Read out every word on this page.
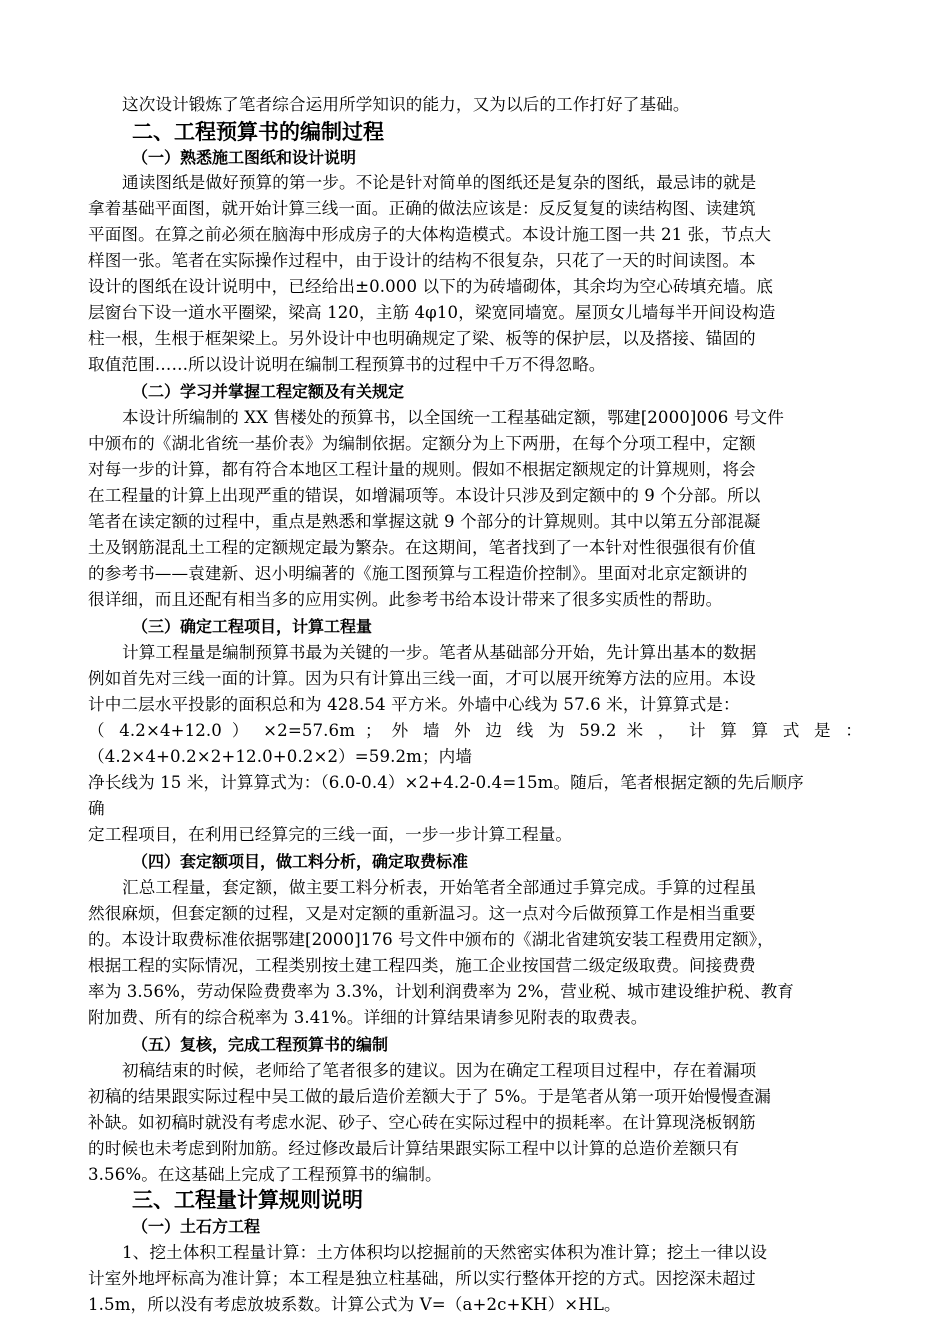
这次设计锻炼了笔者综合运用所学知识的能力，又为以后的工作打好了基础。
二、工程预算书的编制过程
（一）熟悉施工图纸和设计说明
通读图纸是做好预算的第一步。不论是针对简单的图纸还是复杂的图纸，最忌讳的就是
拿着基础平面图，就开始计算三线一面。正确的做法应该是：反反复复的读结构图、读建筑
平面图。在算之前必须在脑海中形成房子的大体构造模式。本设计施工图一共 21 张，节点大
样图一张。笔者在实际操作过程中，由于设计的结构不很复杂，只花了一天的时间读图。本
设计的图纸在设计说明中，已经给出±0.000 以下的为砖墙砌体，其余均为空心砖填充墙。底
层窗台下设一道水平圈梁，梁高 120，主筋 4φ10，梁宽同墙宽。屋顶女儿墙每半开间设构造
柱一根，生根于框架梁上。另外设计中也明确规定了梁、板等的保护层，以及搭接、锚固的
取值范围……所以设计说明在编制工程预算书的过程中千万不得忽略。
（二）学习并掌握工程定额及有关规定
本设计所编制的 XX 售楼处的预算书，以全国统一工程基础定额，鄂建[2000]006 号文件
中颁布的《湖北省统一基价表》为编制依据。定额分为上下两册，在每个分项工程中，定额
对每一步的计算，都有符合本地区工程计量的规则。假如不根据定额规定的计算规则，将会
在工程量的计算上出现严重的错误，如增漏项等。本设计只涉及到定额中的 9 个分部。所以
笔者在读定额的过程中，重点是熟悉和掌握这就 9 个部分的计算规则。其中以第五分部混凝
土及钢筋混乱土工程的定额规定最为繁杂。在这期间，笔者找到了一本针对性很强很有价值
的参考书——袁建新、迟小明编著的《施工图预算与工程造价控制》。里面对北京定额讲的
很详细，而且还配有相当多的应用实例。此参考书给本设计带来了很多实质性的帮助。
（三）确定工程项目，计算工程量
计算工程量是编制预算书最为关键的一步。笔者从基础部分开始，先计算出基本的数据
例如首先对三线一面的计算。因为只有计算出三线一面，才可以展开统筹方法的应用。本设
计中二层水平投影的面积总和为 428.54 平方米。外墙中心线为 57.6 米，计算算式是：
（ 4.2×4+12.0 ） ×2=57.6m ； 外 墙 外 边 线 为 59.2 米 ， 计 算 算 式 是 ：
（4.2×4+0.2×2+12.0+0.2×2）=59.2m；内墙
净长线为 15 米，计算算式为：（6.0-0.4）×2+4.2-0.4=15m。随后，笔者根据定额的先后顺序
确
定工程项目，在利用已经算完的三线一面，一步一步计算工程量。
（四）套定额项目，做工料分析，确定取费标准
汇总工程量，套定额，做主要工料分析表，开始笔者全部通过手算完成。手算的过程虽
然很麻烦，但套定额的过程，又是对定额的重新温习。这一点对今后做预算工作是相当重要
的。本设计取费标准依据鄂建[2000]176 号文件中颁布的《湖北省建筑安装工程费用定额》，
根据工程的实际情况，工程类别按土建工程四类，施工企业按国营二级定级取费。间接费费
率为 3.56%，劳动保险费费率为 3.3%，计划利润费率为 2%，营业税、城市建设维护税、教育
附加费、所有的综合税率为 3.41%。详细的计算结果请参见附表的取费表。
（五）复核，完成工程预算书的编制
初稿结束的时候，老师给了笔者很多的建议。因为在确定工程项目过程中，存在着漏项
初稿的结果跟实际过程中吴工做的最后造价差额大于了 5%。于是笔者从第一项开始慢慢查漏
补缺。如初稿时就没有考虑水泥、砂子、空心砖在实际过程中的损耗率。在计算现浇板钢筋
的时候也未考虑到附加筋。经过修改最后计算结果跟实际工程中以计算的总造价差额只有
3.56%。在这基础上完成了工程预算书的编制。
三、工程量计算规则说明
（一）土石方工程
1、挖土体积工程量计算：土方体积均以挖掘前的天然密实体积为准计算；挖土一律以设
计室外地坪标高为准计算；本工程是独立柱基础，所以实行整体开挖的方式。因挖深未超过
1.5m，所以没有考虑放坡系数。计算公式为 V=（a+2c+KH）×HL。
